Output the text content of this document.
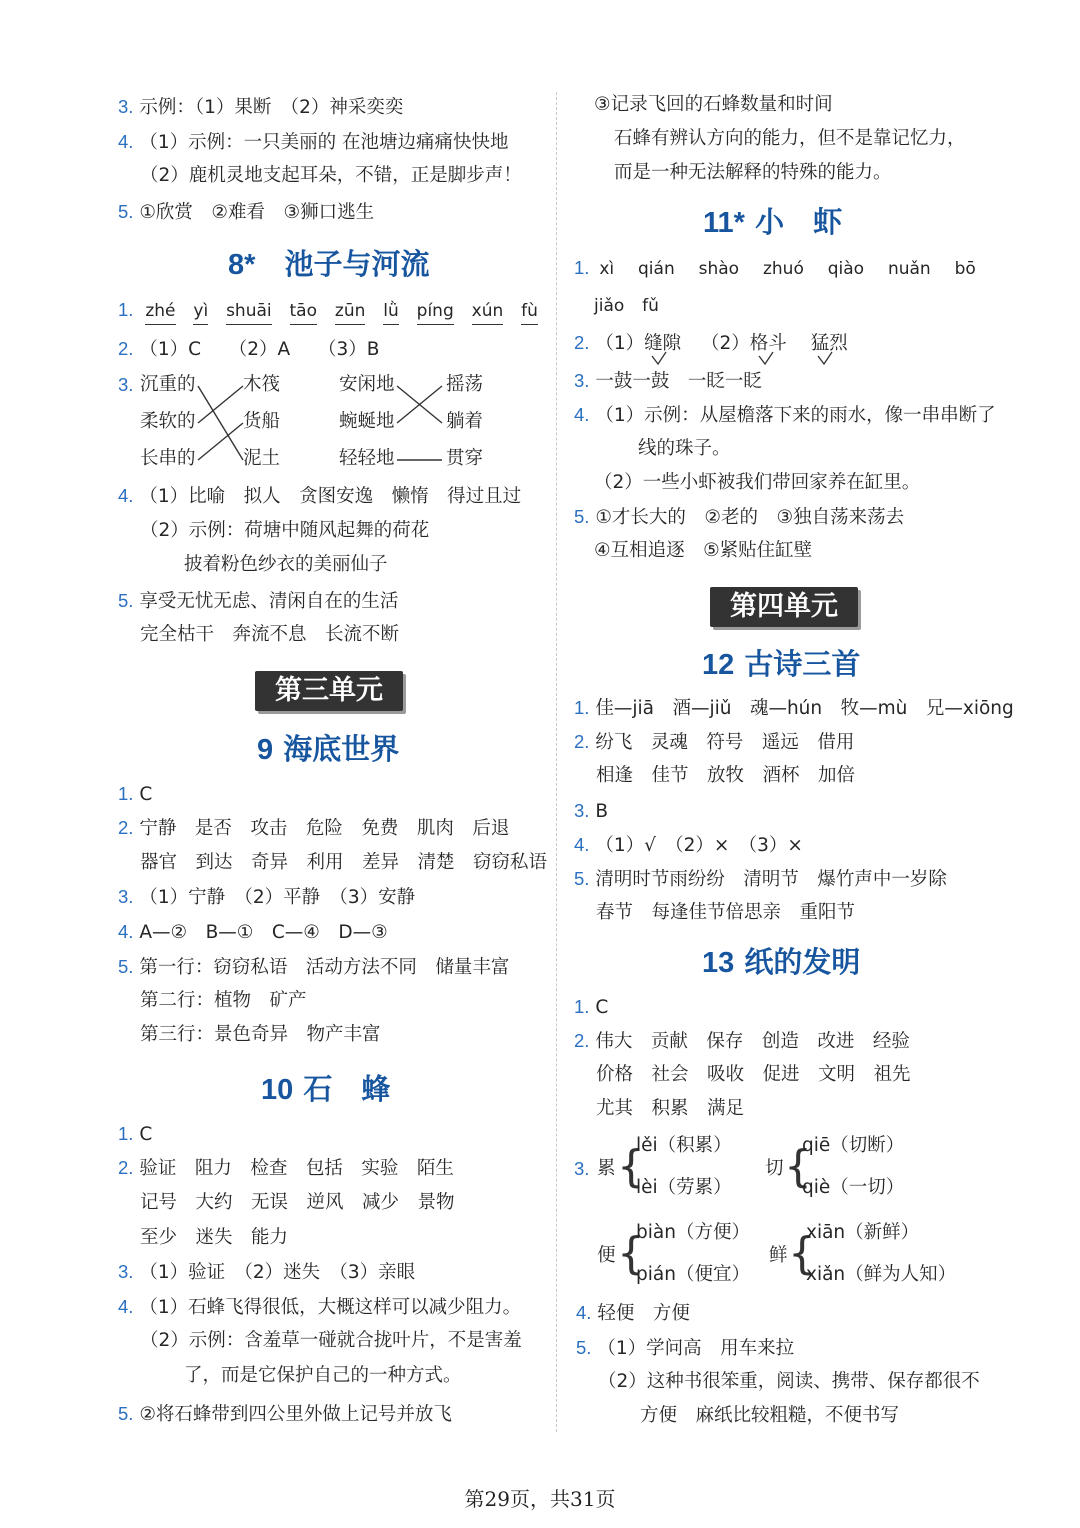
3. 示例：（1）果断　（2）神采奕奕
4. （1）示例：一只美丽的 在池塘边痛痛快快地
（2）鹿机灵地支起耳朵，不错，正是脚步声！
5. ①欣赏　②难看　③狮口逃生
8*　 池子与河流
1. zhé yì shuāi tāo zūn lǜ píng xún fù
2. （1）C　　（2）A　　（3）B
3. 沉重的
柔软的
长串的
木筏
货船
泥土
安闲地
蜿蜒地
轻轻地
摇荡
躺着
贯穿
4. （1）比喻　拟人　贪图安逸　懒惰　得过且过
（2）示例：荷塘中随风起舞的荷花
披着粉色纱衣的美丽仙子
5. 享受无忧无虑、清闲自在的生活
完全枯干　奔流不息　长流不断
第三单元
9 海底世界
1. C
2. 宁静　是否　攻击　危险　免费　肌肉　后退
器官　到达　奇异　利用　差异　清楚　窃窃私语
3. （1）宁静　（2）平静　（3）安静
4. A—②　B—①　C—④　D—③
5. 第一行：窃窃私语　活动方法不同　储量丰富
第二行：植物　矿产
第三行：景色奇异　物产丰富
10 石　蜂
1. C
2. 验证　阻力　检查　包括　实验　陌生
记号　大约　无误　逆风　减少　景物
至少　迷失　能力
3. （1）验证　（2）迷失　（3）亲眼
4. （1）石蜂飞得很低，大概这样可以减少阻力。
（2）示例：含羞草一碰就合拢叶片，不是害羞
了，而是它保护自己的一种方式。
5. ②将石蜂带到四公里外做上记号并放飞
③记录飞回的石蜂数量和时间
石蜂有辨认方向的能力，但不是靠记忆力，
而是一种无法解释的特殊的能力。
11* 小　虾
1. xì qián shào zhuó qiào nuǎn bō
jiǎo fǔ
2. （1）缝隙 （2）格斗 猛烈
3. 一鼓一鼓　一眨一眨
4. （1）示例：从屋檐落下来的雨水，像一串串断了
线的珠子。
（2）一些小虾被我们带回家养在缸里。
5. ①才长大的　②老的　③独自荡来荡去
④互相追逐　⑤紧贴住缸壁
第四单元
12 古诗三首
1. 佳—jiā　酒—jiǔ　魂—hún　牧—mù　兄—xiōng
2. 纷飞　灵魂　符号　遥远　借用
相逢　佳节　放牧　酒杯　加倍
3. B
4. （1）√　（2）×　（3）×
5. 清明时节雨纷纷　清明节　爆竹声中一岁除
春节　每逢佳节倍思亲　重阳节
13 纸的发明
1. C
2. 伟大　贡献　保存　创造　改进　经验
价格　社会　吸收　促进　文明　祖先
尤其　积累　满足
3. 累 {
lěi（积累）
lèi（劳累）
切 {
qiē（切断）
qiè（一切）
便 {
biàn（方便）
pián（便宜）
鲜 {
xiān（新鲜）
xiǎn（鲜为人知）
4. 轻便　方便
5. （1）学问高　用车来拉
（2）这种书很笨重，阅读、携带、保存都很不
方便　麻纸比较粗糙，不便书写
第29页，共31页
